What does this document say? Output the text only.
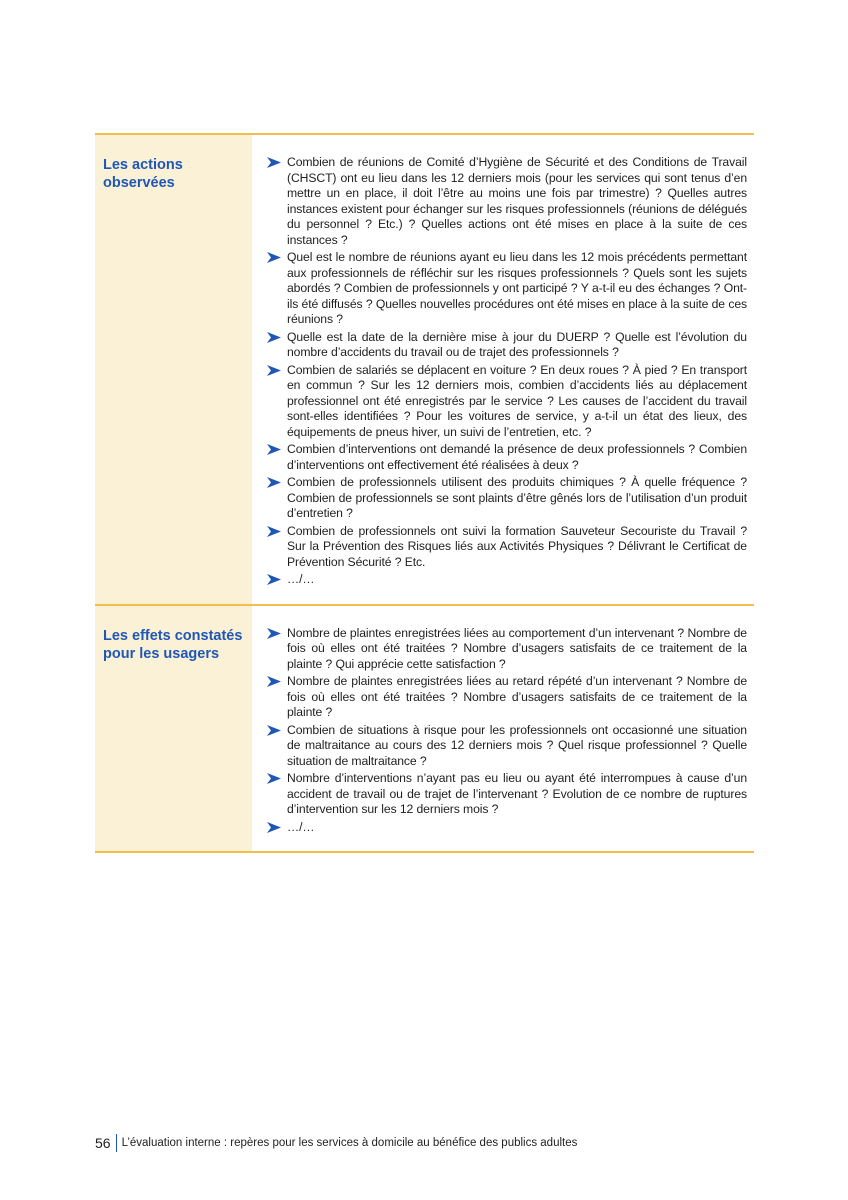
Les actions observées
Combien de réunions de Comité d’Hygiène de Sécurité et des Conditions de Travail (CHSCT) ont eu lieu dans les 12 derniers mois (pour les services qui sont tenus d’en mettre un en place, il doit l’être au moins une fois par trimestre) ? Quelles autres instances existent pour échanger sur les risques professionnels (réunions de délégués du personnel ? Etc.) ? Quelles actions ont été mises en place à la suite de ces instances ?
Quel est le nombre de réunions ayant eu lieu dans les 12 mois précédents permettant aux professionnels de réfléchir sur les risques professionnels ? Quels sont les sujets abordés ? Combien de professionnels y ont participé ? Y a-t-il eu des échanges ? Ont-ils été diffusés ? Quelles nouvelles procédures ont été mises en place à la suite de ces réunions ?
Quelle est la date de la dernière mise à jour du DUERP ? Quelle est l’évolution du nombre d’accidents du travail ou de trajet des professionnels ?
Combien de salariés se déplacent en voiture ? En deux roues ? À pied ? En transport en commun ? Sur les 12 derniers mois, combien d’accidents liés au déplacement professionnel ont été enregistrés par le service ? Les causes de l’accident du travail sont-elles identifiées ? Pour les voitures de service, y a-t-il un état des lieux, des équipements de pneus hiver, un suivi de l’entretien, etc. ?
Combien d’interventions ont demandé la présence de deux professionnels ? Combien d’interventions ont effectivement été réalisées à deux ?
Combien de professionnels utilisent des produits chimiques ? À quelle fréquence ? Combien de professionnels se sont plaints d’être gênés lors de l’utilisation d’un produit d’entretien ?
Combien de professionnels ont suivi la formation Sauveteur Secouriste du Travail ? Sur la Prévention des Risques liés aux Activités Physiques ? Délivrant le Certificat de Prévention Sécurité ? Etc.
…/…
Les effets constatés pour les usagers
Nombre de plaintes enregistrées liées au comportement d’un intervenant ? Nombre de fois où elles ont été traitées ? Nombre d’usagers satisfaits de ce traitement de la plainte ? Qui apprécie cette satisfaction ?
Nombre de plaintes enregistrées liées au retard répété d’un intervenant ? Nombre de fois où elles ont été traitées ? Nombre d’usagers satisfaits de ce traitement de la plainte ?
Combien de situations à risque pour les professionnels ont occasionné une situation de maltraitance au cours des 12 derniers mois ? Quel risque professionnel ? Quelle situation de maltraitance ?
Nombre d’interventions n’ayant pas eu lieu ou ayant été interrompues à cause d’un accident de travail ou de trajet de l’intervenant ? Evolution de ce nombre de ruptures d’intervention sur les 12 derniers mois ?
…/…
56 L’évaluation interne : repères pour les services à domicile au bénéfice des publics adultes
